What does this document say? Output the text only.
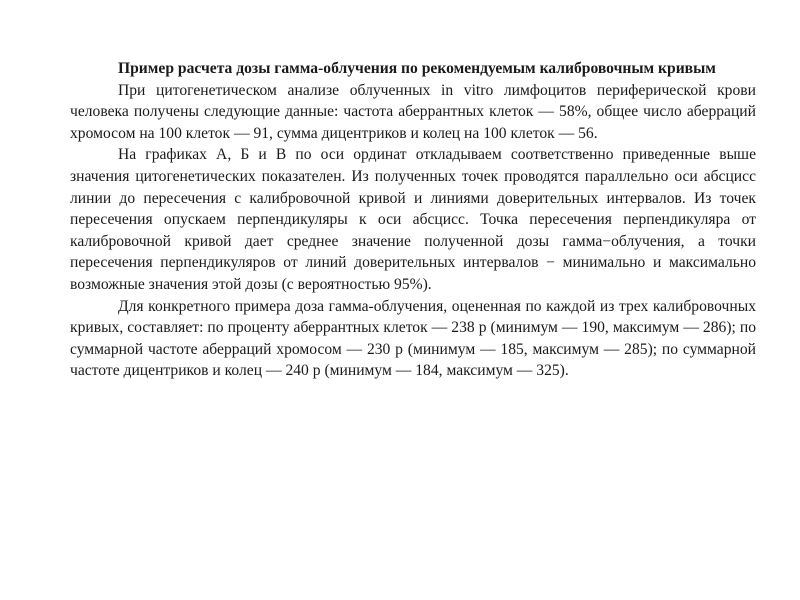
Пример расчета дозы гамма-облучения по рекомендуемым калибровочным кривым

При цитогенетическом анализе облученных in vitro лимфоцитов периферической крови человека получены следующие данные: частота аберрантных клеток — 58%, общее число аберраций хромосом на 100 клеток — 91, сумма дицентриков и колец на 100 клеток — 56.

На графиках А, Б и В по оси ординат откладываем соответственно приведенные выше значения цитогенетических показателен. Из полученных точек проводятся параллельно оси абсцисс линии до пересечения с калибровочной кривой и линиями доверительных интервалов. Из точек пересечения опускаем перпендикуляры к оси абсцисс. Точка пересечения перпендикуляра от калибровочной кривой дает среднее значение полученной дозы гамма−облучения, а точки пересечения перпендикуляров от линий доверительных интервалов − минимально и максимально возможные значения этой дозы (с вероятностью 95%).

Для конкретного примера доза гамма-облучения, оцененная по каждой из трех калибровочных кривых, составляет: по проценту аберрантных клеток — 238 р (минимум — 190, максимум — 286); по суммарной частоте аберраций хромосом — 230 р (минимум — 185, максимум — 285); по суммарной частоте дицентриков и колец — 240 р (минимум — 184, максимум — 325).
